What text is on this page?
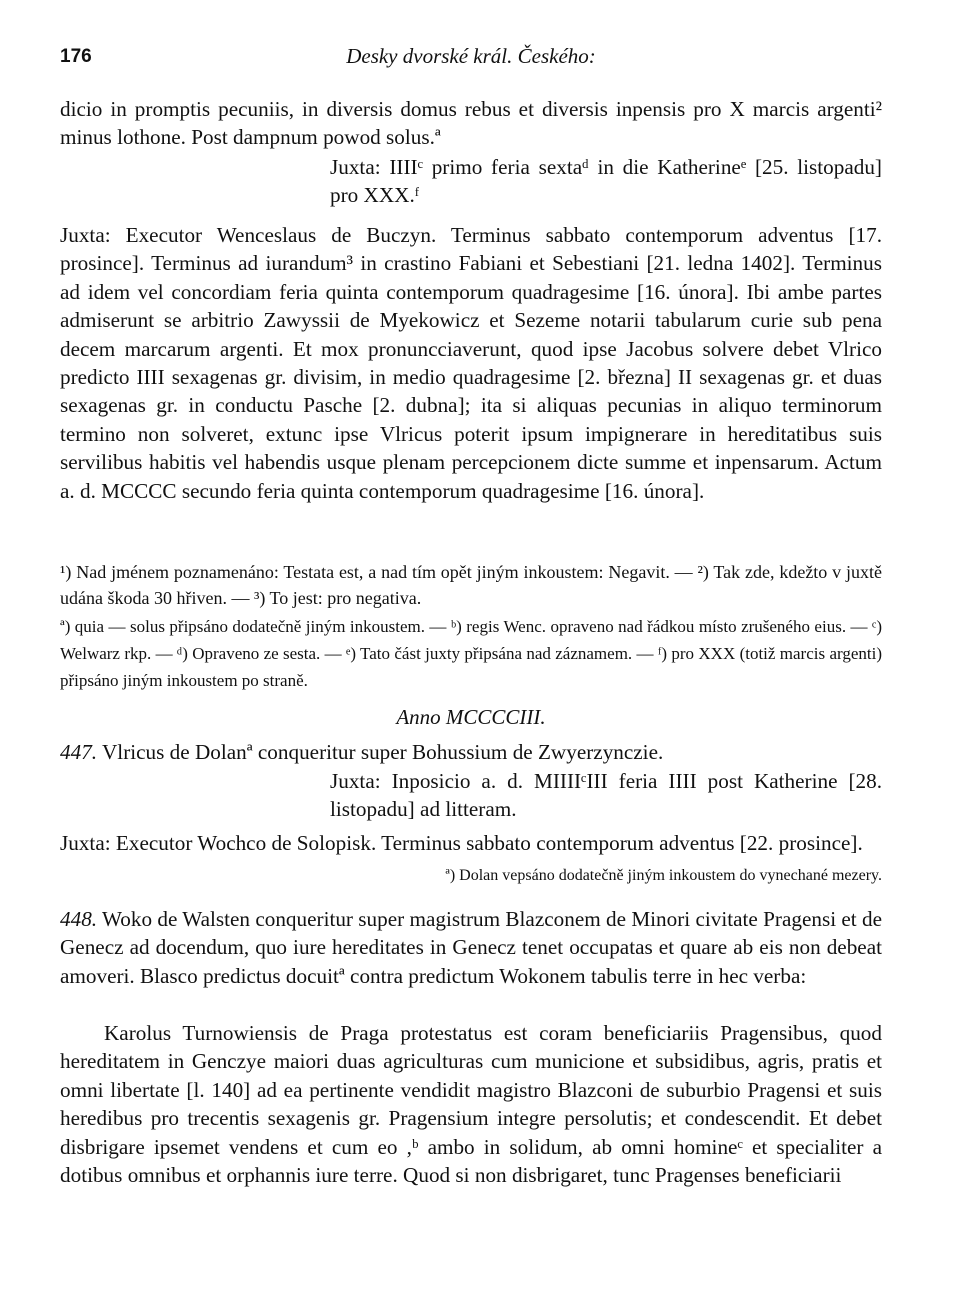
176	Desky dvorské král. Českého:

dicio in promptis pecuniis, in diversis domus rebus et diversis inpensis pro X marcis argenti² minus lothone. Post dampnum powod solus.ª

Juxta: IIIIᶜ primo feria sextaᵈ in die Katherineᵉ [25. listopadu] pro XXX.ᶠ

Juxta: Executor Wenceslaus de Buczyn. Terminus sabbato contemporum adventus [17. prosince]. Terminus ad iurandum³ in crastino Fabiani et Sebestiani [21. ledna 1402]. Terminus ad idem vel concordiam feria quinta contemporum quadragesime [16. února]. Ibi ambe partes admiserunt se arbitrio Zawyssii de Myekowicz et Sezeme notarii tabularum curie sub pena decem marcarum argenti. Et mox pronuncciaverunt, quod ipse Jacobus solvere debet Vlrico predicto IIII sexagenas gr. divisim, in medio quadragesime [2. března] II sexagenas gr. et duas sexagenas gr. in conductu Pasche [2. dubna]; ita si aliquas pecunias in aliquo terminorum termino non solveret, extunc ipse Vlricus poterit ipsum impignerare in hereditatibus suis servilibus habitis vel habendis usque plenam percepcionem dicte summe et inpensarum. Actum a. d. MCCCC secundo feria quinta contemporum quadragesime [16. února].

¹) Nad jménem poznamenáno: Testata est, a nad tím opět jiným inkoustem: Negavit. — ²) Tak zde, kdežto v juxtě udána škoda 30 hřiven. — ³) To jest: pro negativa.

ª) quia — solus připsáno dodatečně jiným inkoustem. — ᵇ) regis Wenc. opraveno nad řádkou místo zrušeného eius. — ᶜ) Welwarz rkp. — ᵈ) Opraveno ze sesta. — ᵉ) Tato část juxty připsána nad záznamem. — ᶠ) pro XXX (totiž marcis argenti) připsáno jiným inkoustem po straně.

Anno MCCCCIII.

447. Vlricus de Dolanª conqueritur super Bohussium de Zwyerzynczie.

Juxta: Inposicio a. d. MIIIIᶜIII feria IIII post Katherine [28. listopadu] ad litteram.

Juxta: Executor Wochco de Solopisk. Terminus sabbato contemporum adventus [22. prosince].

ª) Dolan vepsáno dodatečně jiným inkoustem do vynechané mezery.

448. Woko de Walsten conqueritur super magistrum Blazconem de Minori civitate Pragensi et de Genecz ad docendum, quo iure hereditates in Genecz tenet occupatas et quare ab eis non debeat amoveri. Blasco predictus docuitª contra predictum Wokonem tabulis terre in hec verba:

Karolus Turnowiensis de Praga protestatus est coram beneficiariis Pragensibus, quod hereditatem in Genczye maiori duas agriculturas cum municione et subsidibus, agris, pratis et omni libertate [l. 140] ad ea pertinente vendidit magistro Blazconi de suburbio Pragensi et suis heredibus pro trecentis sexagenis gr. Pragensium integre persolutis; et condescendit. Et debet disbrigare ipsemet vendens et cum eo ,ᵇ ambo in solidum, ab omni homineᶜ et specialiter a dotibus omnibus et orphannis iure terre. Quod si non disbrigaret, tunc Pragenses beneficiarii
